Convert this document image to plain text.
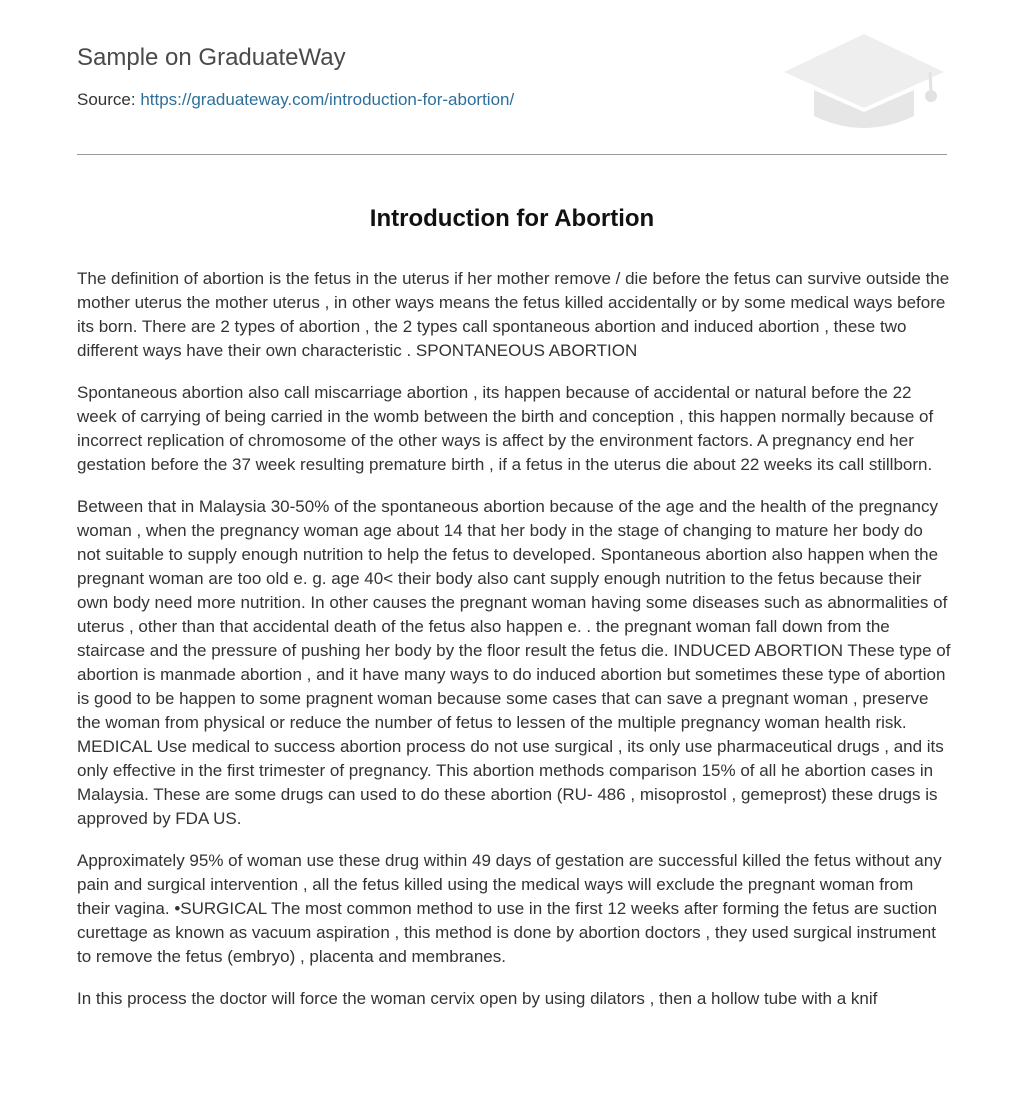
Sample on GraduateWay
Source: https://graduateway.com/introduction-for-abortion/
Introduction for Abortion

The definition of abortion is the fetus in the uterus if her mother remove / die before the fetus can survive outside the mother uterus the mother uterus , in other ways means the fetus killed accidentally or by some medical ways before its born. There are 2 types of abortion , the 2 types call spontaneous abortion and induced abortion , these two different ways have their own characteristic . SPONTANEOUS ABORTION

Spontaneous abortion also call miscarriage abortion , its happen because of accidental or natural before the 22 week of carrying of being carried in the womb between the birth and conception , this happen normally because of incorrect replication of chromosome of the other ways is affect by the environment factors. A pregnancy end her gestation before the 37 week resulting premature birth , if a fetus in the uterus die about 22 weeks its call stillborn.

Between that in Malaysia 30-50% of the spontaneous abortion because of the age and the health of the pregnancy woman , when the pregnancy woman age about 14 that her body in the stage of changing to mature her body do not suitable to supply enough nutrition to help the fetus to developed. Spontaneous abortion also happen when the pregnant woman are too old e. g. age 40< their body also cant supply enough nutrition to the fetus because their own body need more nutrition. In other causes the pregnant woman having some diseases such as abnormalities of uterus , other than that accidental death of the fetus also happen e. . the pregnant woman fall down from the staircase and the pressure of pushing her body by the floor result the fetus die. INDUCED ABORTION These type of abortion is manmade abortion , and it have many ways to do induced abortion but sometimes these type of abortion is good to be happen to some pragnent woman because some cases that can save a pregnant woman , preserve the woman from physical or reduce the number of fetus to lessen of the multiple pregnancy woman health risk. MEDICAL Use medical to success abortion process do not use surgical , its only use pharmaceutical drugs , and its only effective in the first trimester of pregnancy. This abortion methods comparison 15% of all he abortion cases in Malaysia. These are some drugs can used to do these abortion (RU- 486 , misoprostol , gemeprost) these drugs is approved by FDA US.

Approximately 95% of woman use these drug within 49 days of gestation are successful killed the fetus without any pain and surgical intervention , all the fetus killed using the medical ways will exclude the pregnant woman from their vagina. •SURGICAL The most common method to use in the first 12 weeks after forming the fetus are suction curettage as known as vacuum aspiration , this method is done by abortion doctors , they used surgical instrument to remove the fetus (embryo) , placenta and membranes.

In this process the doctor will force the woman cervix open by using dilators , then a hollow tube with a knif
